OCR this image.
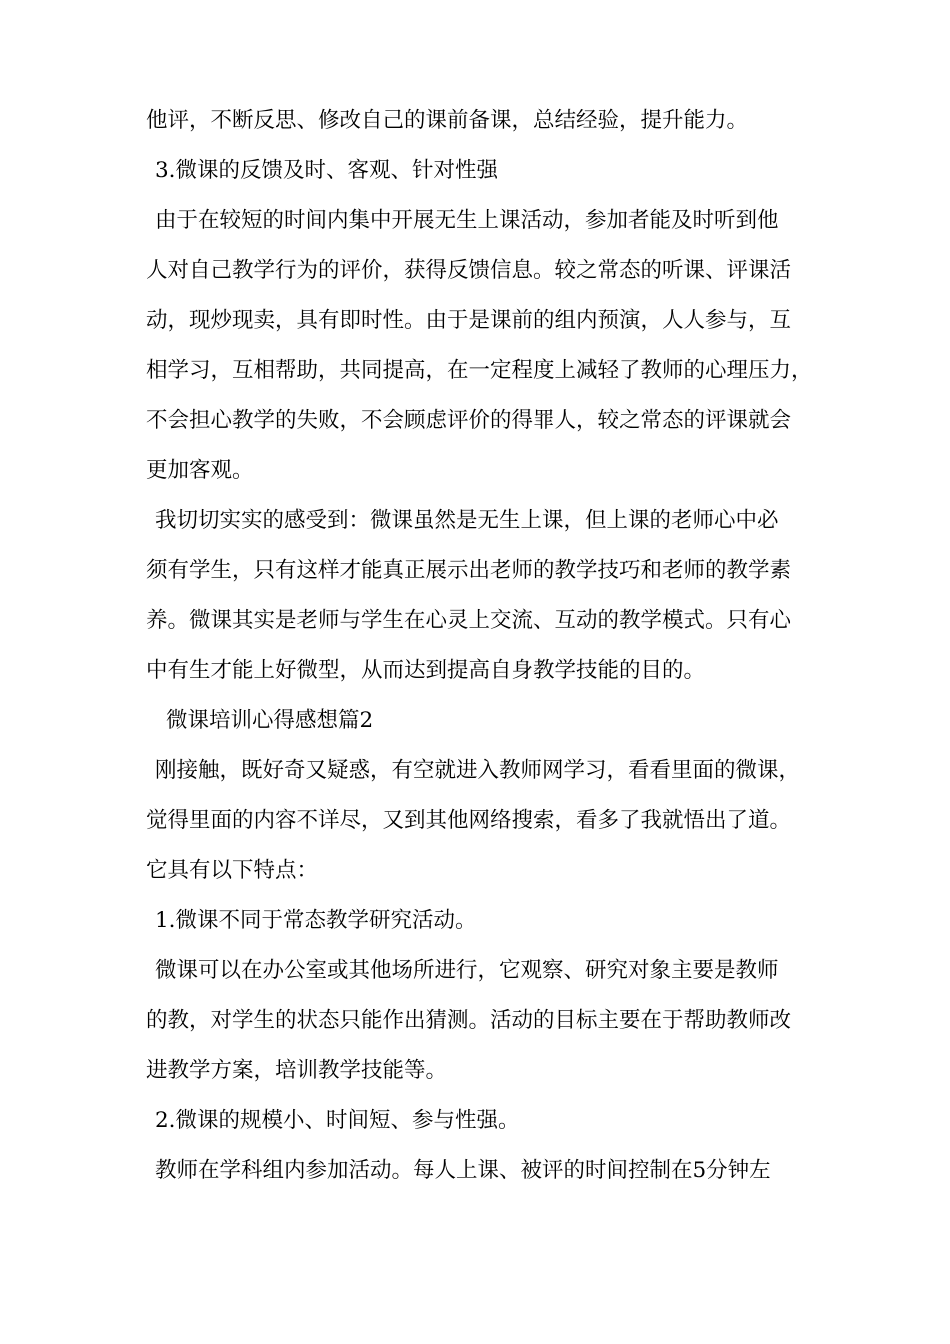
他评，不断反思、修改自己的课前备课，总结经验，提升能力。
3.微课的反馈及时、客观、针对性强
由于在较短的时间内集中开展无生上课活动，参加者能及时听到他
人对自己教学行为的评价，获得反馈信息。较之常态的听课、评课活
动，现炒现卖，具有即时性。由于是课前的组内预演，人人参与，互
相学习，互相帮助，共同提高，在一定程度上减轻了教师的心理压力，
不会担心教学的失败，不会顾虑评价的得罪人，较之常态的评课就会
更加客观。
我切切实实的感受到：微课虽然是无生上课，但上课的老师心中必
须有学生，只有这样才能真正展示出老师的教学技巧和老师的教学素
养。微课其实是老师与学生在心灵上交流、互动的教学模式。只有心
中有生才能上好微型，从而达到提高自身教学技能的目的。
微课培训心得感想篇2
刚接触，既好奇又疑惑，有空就进入教师网学习，看看里面的微课，
觉得里面的内容不详尽，又到其他网络搜索，看多了我就悟出了道。
它具有以下特点：
1.微课不同于常态教学研究活动。
微课可以在办公室或其他场所进行，它观察、研究对象主要是教师
的教，对学生的状态只能作出猜测。活动的目标主要在于帮助教师改
进教学方案，培训教学技能等。
2.微课的规模小、时间短、参与性强。
教师在学科组内参加活动。每人上课、被评的时间控制在5分钟左
